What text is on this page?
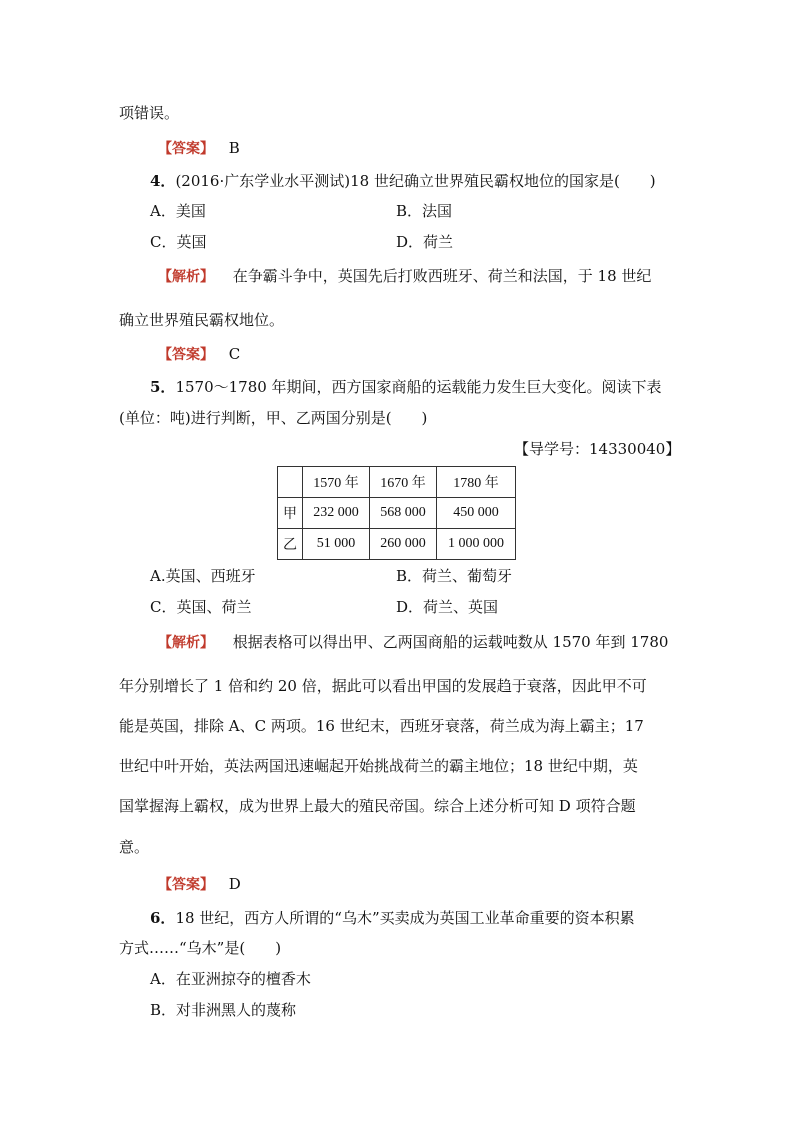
项错误。
【答案】 B
4．(2016·广东学业水平测试)18 世纪确立世界殖民霸权地位的国家是(　　)
A．美国	B．法国
C．英国	D．荷兰
【解析】 在争霸斗争中，英国先后打败西班牙、荷兰和法国，于 18 世纪
确立世界殖民霸权地位。
【答案】 C
5．1570～1780 年期间，西方国家商船的运载能力发生巨大变化。阅读下表
(单位：吨)进行判断，甲、乙两国分别是(　　)
【导学号：14330040】
	1570 年	1670 年	1780 年
甲	232 000	568 000	450 000
乙	51 000	260 000	1 000 000
A.英国、西班牙	B．荷兰、葡萄牙
C．英国、荷兰	D．荷兰、英国
【解析】 根据表格可以得出甲、乙两国商船的运载吨数从 1570 年到 1780
年分别增长了 1 倍和约 20 倍，据此可以看出甲国的发展趋于衰落，因此甲不可
能是英国，排除 A、C 两项。16 世纪末，西班牙衰落，荷兰成为海上霸主；17
世纪中叶开始，英法两国迅速崛起开始挑战荷兰的霸主地位；18 世纪中期，英
国掌握海上霸权，成为世界上最大的殖民帝国。综合上述分析可知 D 项符合题
意。
【答案】 D
6．18 世纪，西方人所谓的“乌木”买卖成为英国工业革命重要的资本积累
方式……“乌木”是(　　)
A．在亚洲掠夺的檀香木
B．对非洲黑人的蔑称
